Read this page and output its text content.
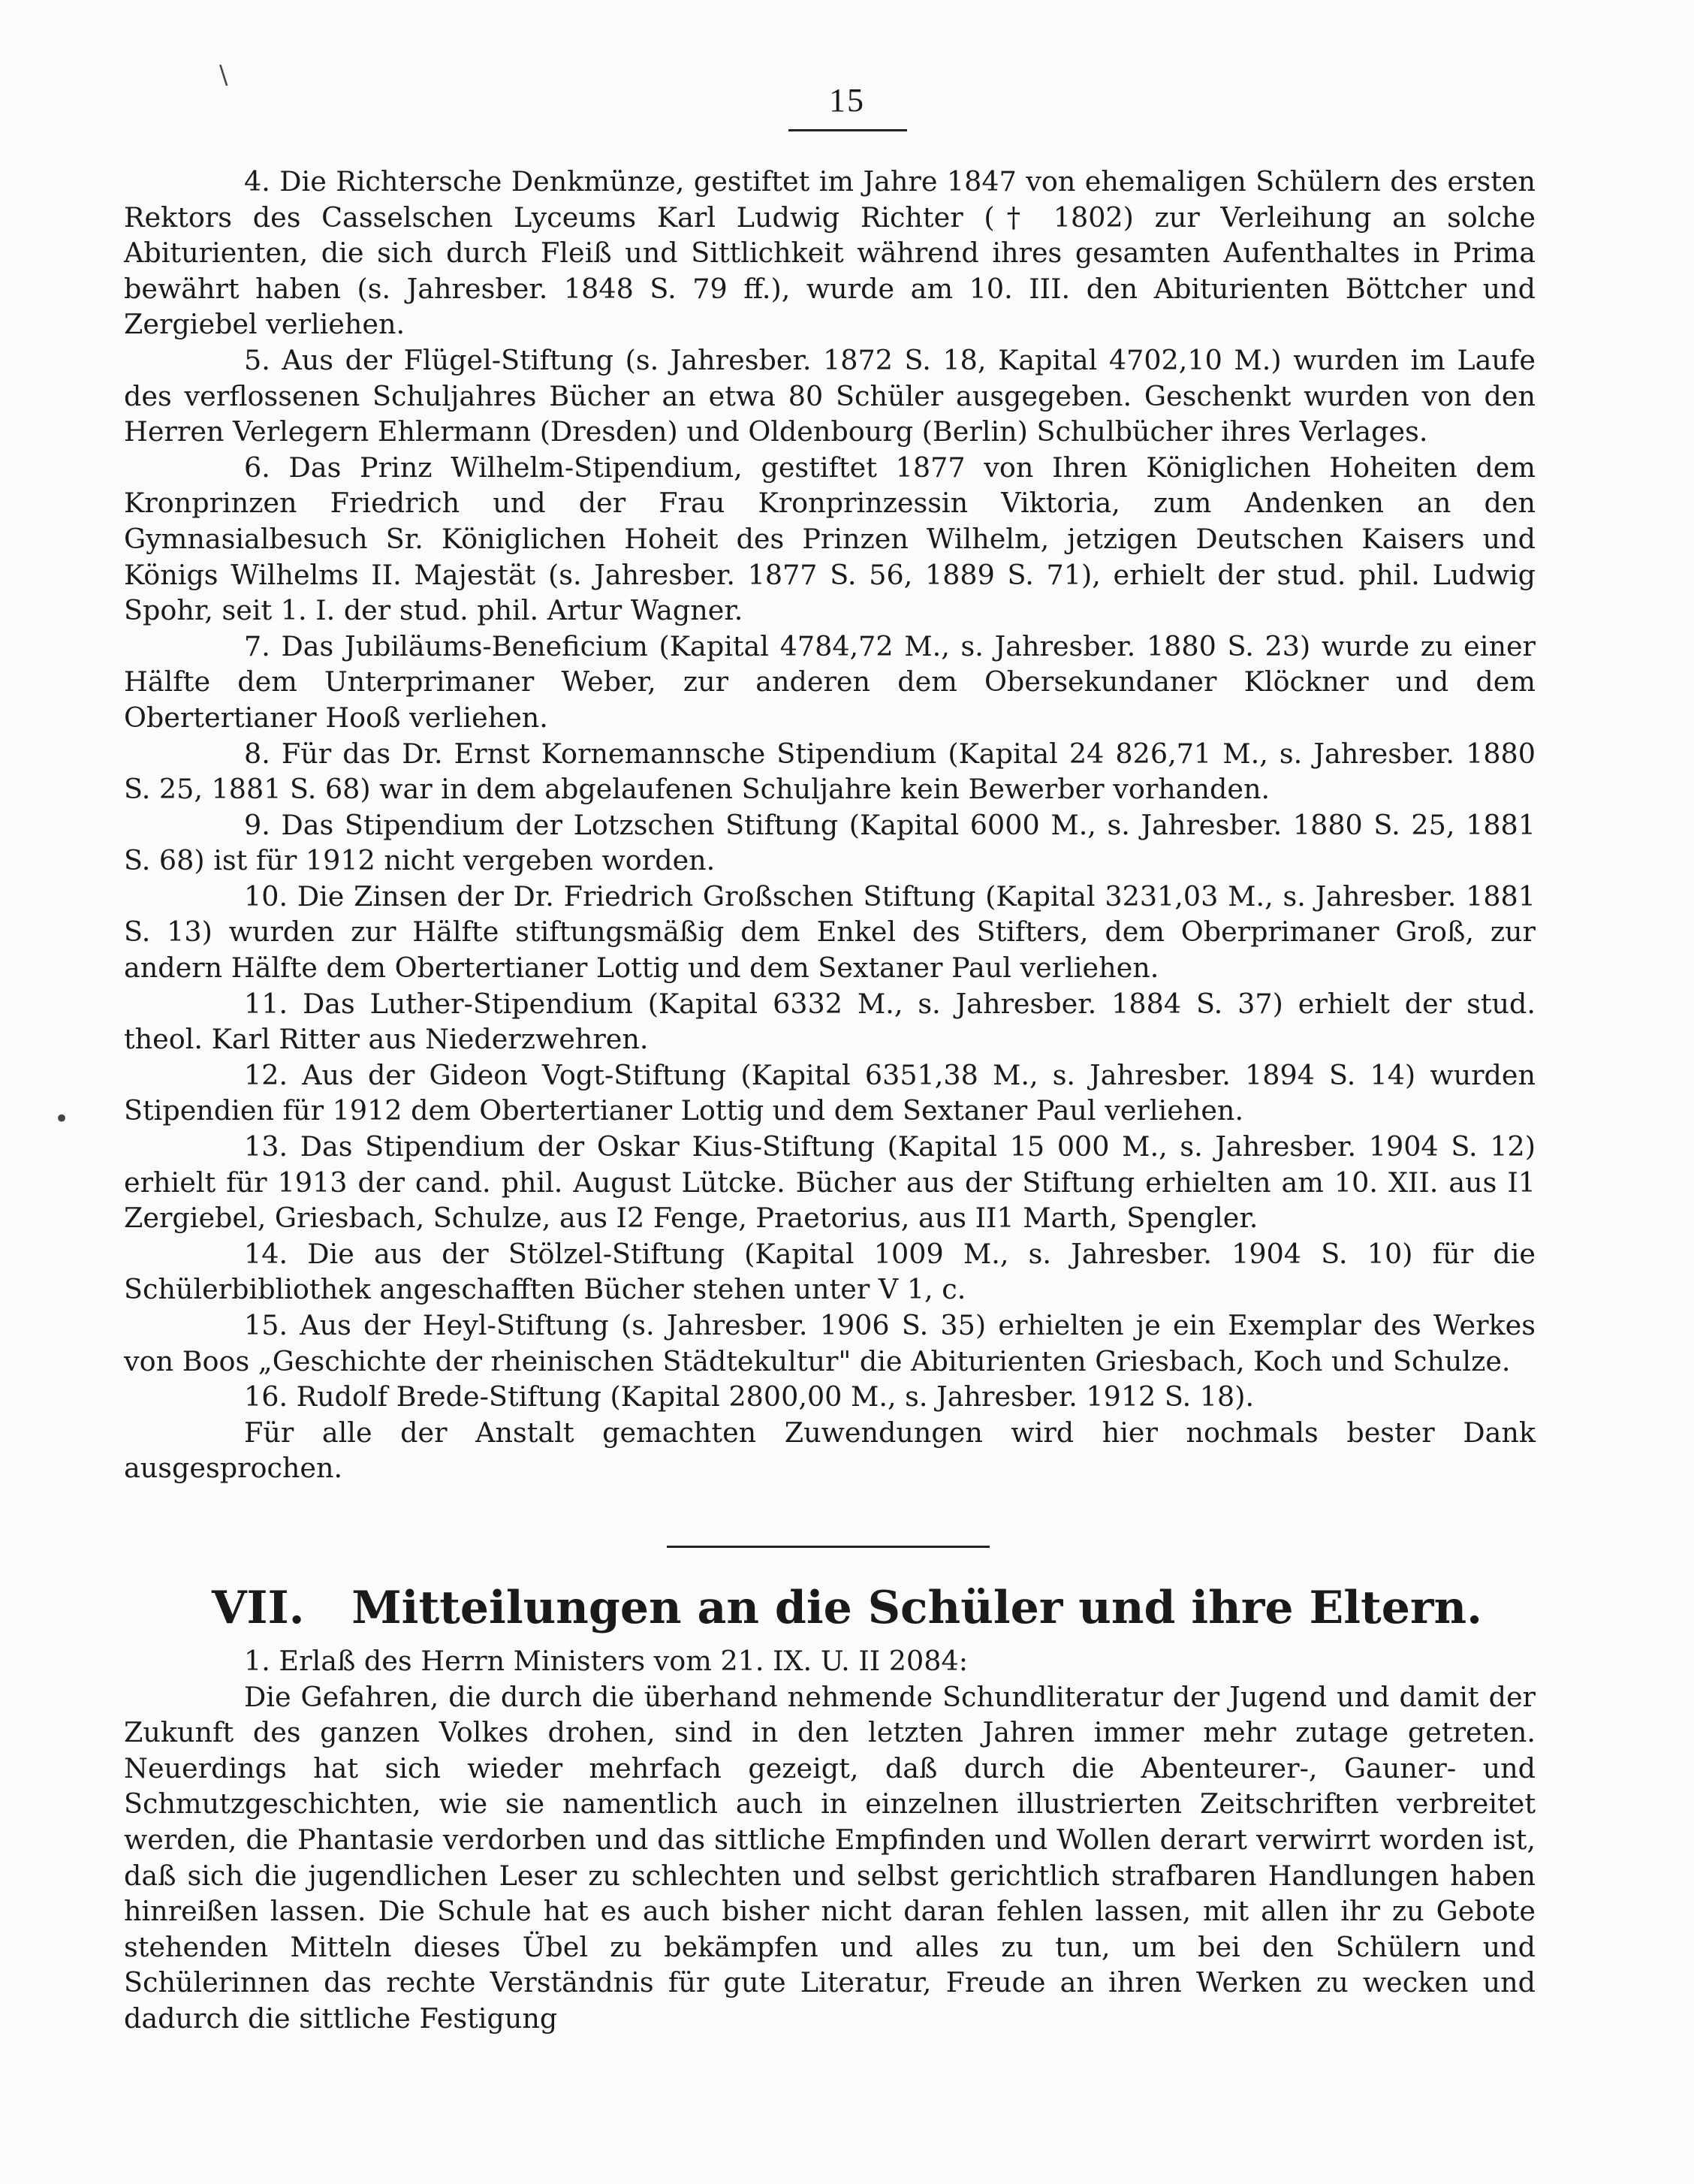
\
•
15

4. Die Richtersche Denkmünze, gestiftet im Jahre 1847 von ehemaligen Schülern des ersten Rektors des Casselschen Lyceums Karl Ludwig Richter († 1802) zur Verleihung an solche Abiturienten, die sich durch Fleiß und Sittlichkeit während ihres gesamten Aufenthaltes in Prima bewährt haben (s. Jahresber. 1848 S. 79 ff.), wurde am 10. III. den Abiturienten Böttcher und Zergiebel verliehen.

5. Aus der Flügel-Stiftung (s. Jahresber. 1872 S. 18, Kapital 4702,10 M.) wurden im Laufe des verflossenen Schuljahres Bücher an etwa 80 Schüler ausgegeben. Geschenkt wurden von den Herren Verlegern Ehlermann (Dresden) und Oldenbourg (Berlin) Schulbücher ihres Verlages.

6. Das Prinz Wilhelm-Stipendium, gestiftet 1877 von Ihren Königlichen Hoheiten dem Kronprinzen Friedrich und der Frau Kronprinzessin Viktoria, zum Andenken an den Gymnasialbesuch Sr. Königlichen Hoheit des Prinzen Wilhelm, jetzigen Deutschen Kaisers und Königs Wilhelms II. Majestät (s. Jahresber. 1877 S. 56, 1889 S. 71), erhielt der stud. phil. Ludwig Spohr, seit 1. I. der stud. phil. Artur Wagner.

7. Das Jubiläums-Beneficium (Kapital 4784,72 M., s. Jahresber. 1880 S. 23) wurde zu einer Hälfte dem Unterprimaner Weber, zur anderen dem Obersekundaner Klöckner und dem Obertertianer Hooß verliehen.

8. Für das Dr. Ernst Kornemannsche Stipendium (Kapital 24 826,71 M., s. Jahresber. 1880 S. 25, 1881 S. 68) war in dem abgelaufenen Schuljahre kein Bewerber vorhanden.

9. Das Stipendium der Lotzschen Stiftung (Kapital 6000 M., s. Jahresber. 1880 S. 25, 1881 S. 68) ist für 1912 nicht vergeben worden.

10. Die Zinsen der Dr. Friedrich Großschen Stiftung (Kapital 3231,03 M., s. Jahresber. 1881 S. 13) wurden zur Hälfte stiftungsmäßig dem Enkel des Stifters, dem Oberprimaner Groß, zur andern Hälfte dem Obertertianer Lottig und dem Sextaner Paul verliehen.

11. Das Luther-Stipendium (Kapital 6332 M., s. Jahresber. 1884 S. 37) erhielt der stud. theol. Karl Ritter aus Niederzwehren.

12. Aus der Gideon Vogt-Stiftung (Kapital 6351,38 M., s. Jahresber. 1894 S. 14) wurden Stipendien für 1912 dem Obertertianer Lottig und dem Sextaner Paul verliehen.

13. Das Stipendium der Oskar Kius-Stiftung (Kapital 15 000 M., s. Jahresber. 1904 S. 12) erhielt für 1913 der cand. phil. August Lütcke. Bücher aus der Stiftung erhielten am 10. XII. aus I1 Zergiebel, Griesbach, Schulze, aus I2 Fenge, Praetorius, aus II1 Marth, Spengler.

14. Die aus der Stölzel-Stiftung (Kapital 1009 M., s. Jahresber. 1904 S. 10) für die Schülerbibliothek angeschafften Bücher stehen unter V 1, c.

15. Aus der Heyl-Stiftung (s. Jahresber. 1906 S. 35) erhielten je ein Exemplar des Werkes von Boos „Geschichte der rheinischen Städtekultur" die Abiturienten Griesbach, Koch und Schulze.

16. Rudolf Brede-Stiftung (Kapital 2800,00 M., s. Jahresber. 1912 S. 18).

Für alle der Anstalt gemachten Zuwendungen wird hier nochmals bester Dank ausgesprochen.

VII. Mitteilungen an die Schüler und ihre Eltern.

1. Erlaß des Herrn Ministers vom 21. IX. U. II 2084:

Die Gefahren, die durch die überhand nehmende Schundliteratur der Jugend und damit der Zukunft des ganzen Volkes drohen, sind in den letzten Jahren immer mehr zutage getreten. Neuerdings hat sich wieder mehrfach gezeigt, daß durch die Abenteurer-, Gauner- und Schmutzgeschichten, wie sie namentlich auch in einzelnen illustrierten Zeitschriften verbreitet werden, die Phantasie verdorben und das sittliche Empfinden und Wollen derart verwirrt worden ist, daß sich die jugendlichen Leser zu schlechten und selbst gerichtlich strafbaren Handlungen haben hinreißen lassen. Die Schule hat es auch bisher nicht daran fehlen lassen, mit allen ihr zu Gebote stehenden Mitteln dieses Übel zu bekämpfen und alles zu tun, um bei den Schülern und Schülerinnen das rechte Verständnis für gute Literatur, Freude an ihren Werken zu wecken und dadurch die sittliche Festigung
